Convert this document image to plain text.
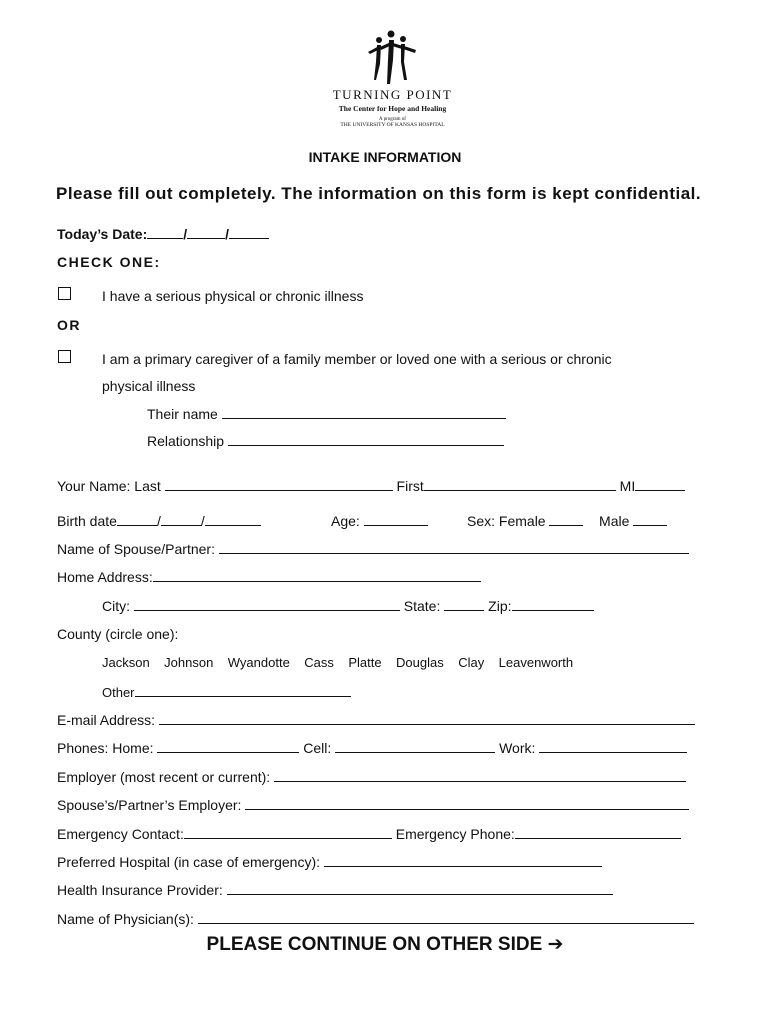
TURNING POINT
The Center for Hope and Healing
A program of
THE UNIVERSITY OF KANSAS HOSPITAL
INTAKE INFORMATION
Please fill out completely. The information on this form is kept confidential.
Today’s Date:	/	/
CHECK ONE:
I have a serious physical or chronic illness
OR
I am a primary caregiver of a family member or loved one with a serious or chronic
physical illness
Their name
Relationship
Your Name: Last	First	MI
Birth date	/	/	Age:	Sex: Female	Male
Name of Spouse/Partner:
Home Address:
City:	State:	Zip:
County (circle one):
Jackson Johnson Wyandotte Cass Platte Douglas Clay Leavenworth
Other
E-mail Address:
Phones: Home:	Cell:	Work:
Employer (most recent or current):
Spouse’s/Partner’s Employer:
Emergency Contact:	Emergency Phone:
Preferred Hospital (in case of emergency):
Health Insurance Provider:
Name of Physician(s):
PLEASE CONTINUE ON OTHER SIDE ➔
